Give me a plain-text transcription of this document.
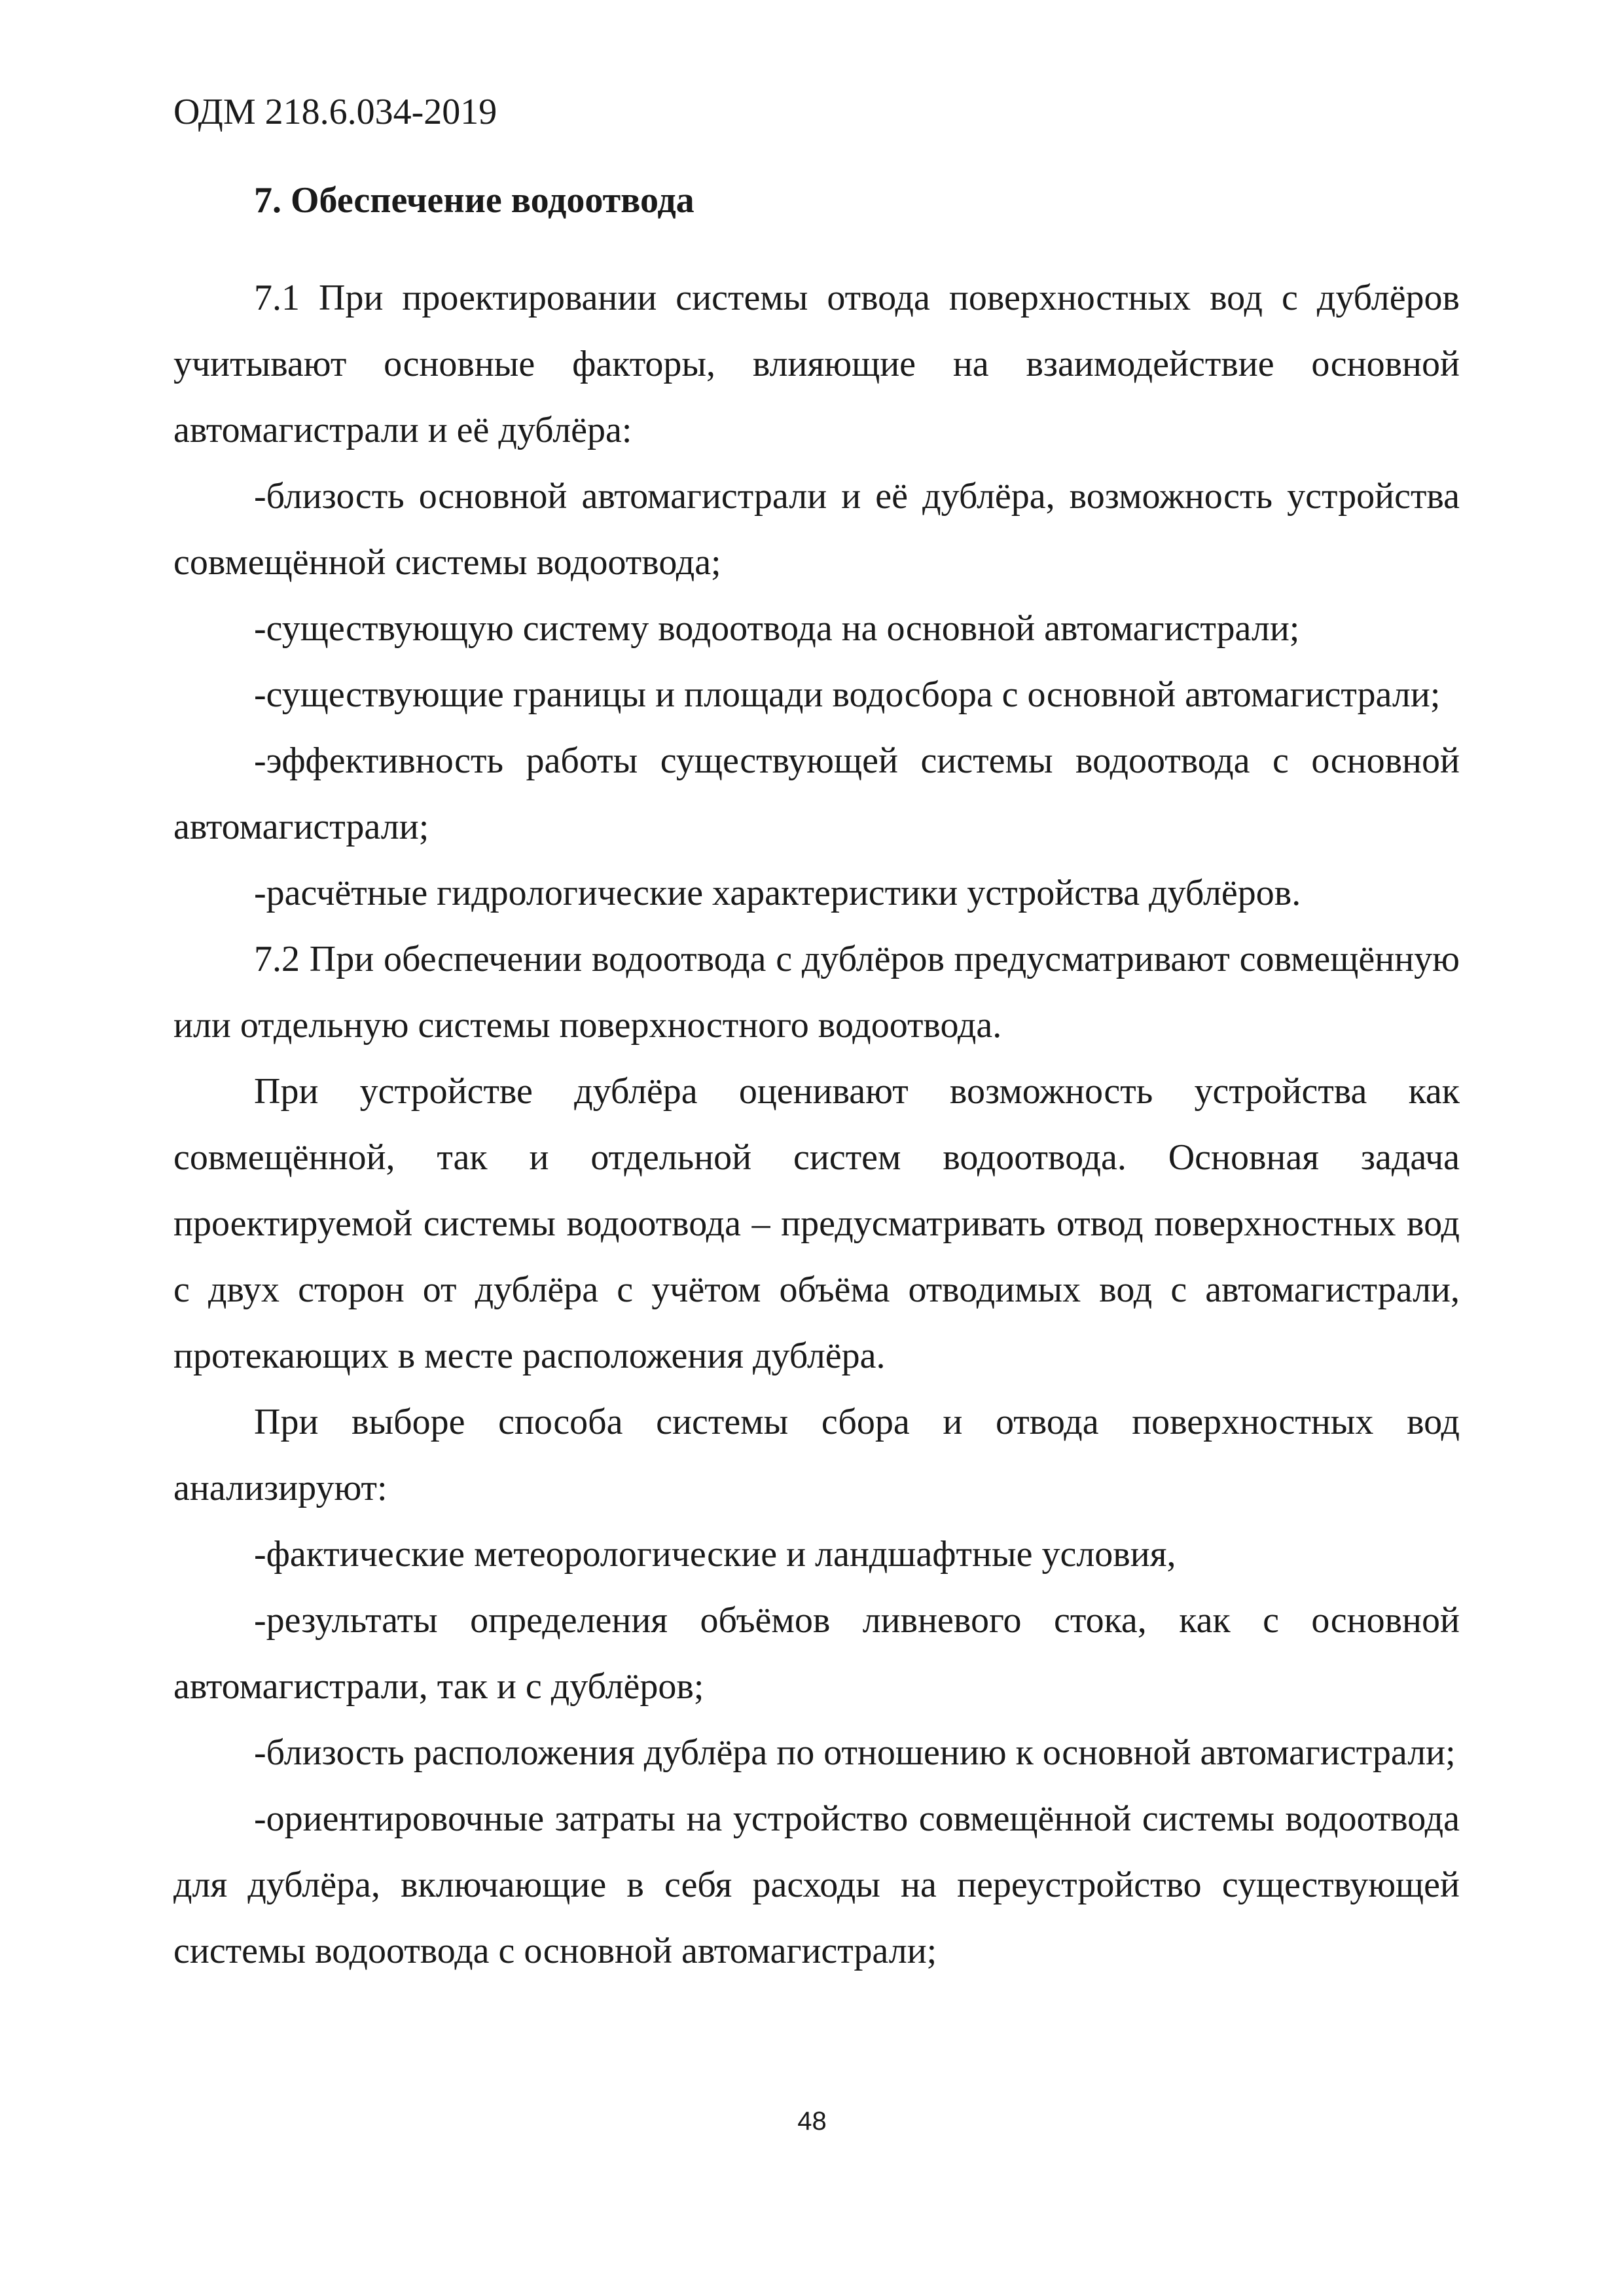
ОДМ 218.6.034-2019
7. Обеспечение водоотвода

7.1 При проектировании системы отвода поверхностных вод с дублёров учитывают основные факторы, влияющие на взаимодействие основной автомагистрали и её дублёра:

-близость основной автомагистрали и её дублёра, возможность устройства совмещённой системы водоотвода;

-существующую систему водоотвода на основной автомагистрали;

-существующие границы и площади водосбора с основной автомагистрали;

-эффективность работы существующей системы водоотвода с основной автомагистрали;

-расчётные гидрологические характеристики устройства дублёров.

7.2 При обеспечении водоотвода с дублёров предусматривают совмещённую или отдельную системы поверхностного водоотвода.

При устройстве дублёра оценивают возможность устройства как совмещённой, так и отдельной систем водоотвода. Основная задача проектируемой системы водоотвода – предусматривать отвод поверхностных вод с двух сторон от дублёра с учётом объёма отводимых вод с автомагистрали, протекающих в месте расположения дублёра.

При выборе способа системы сбора и отвода поверхностных вод анализируют:

-фактические метеорологические и ландшафтные условия,

-результаты определения объёмов ливневого стока, как с основной автомагистрали, так и с дублёров;

-близость расположения дублёра по отношению к основной автомагистрали;

-ориентировочные затраты на устройство совмещённой системы водоотвода для дублёра, включающие в себя расходы на переустройство существующей системы водоотвода с основной автомагистрали;

48
